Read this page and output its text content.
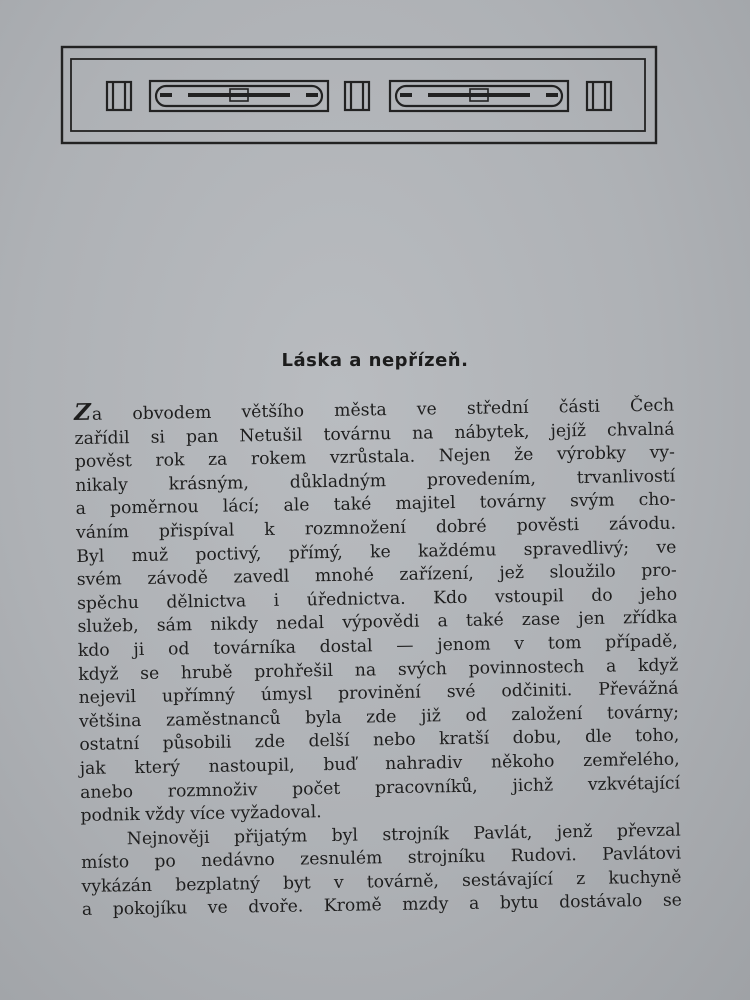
Láska a nepřízeň.
Za obvodem většího města ve střední části Čech
zařídil si pan Netušil továrnu na nábytek, jejíž chvalná
pověst rok za rokem vzrůstala. Nejen že výrobky vy-
nikaly krásným, důkladným provedením, trvanlivostí
a poměrnou lácí; ale také majitel továrny svým cho-
váním přispíval k rozmnožení dobré pověsti závodu.
Byl muž poctivý, přímý, ke každému spravedlivý; ve
svém závodě zavedl mnohé zařízení, jež sloužilo pro-
spěchu dělnictva i úřednictva. Kdo vstoupil do jeho
služeb, sám nikdy nedal výpovědi a také zase jen zřídka
kdo ji od továrníka dostal — jenom v tom případě,
když se hrubě prohřešil na svých povinnostech a když
nejevil upřímný úmysl provinění své odčiniti. Převážná
většina zaměstnanců byla zde již od založení továrny;
ostatní působili zde delší nebo kratší dobu, dle toho,
jak který nastoupil, buď nahradiv někoho zemřelého,
anebo rozmnoživ počet pracovníků, jichž vzkvétající
podnik vždy více vyžadoval.
Nejnověji přijatým byl strojník Pavlát, jenž převzal
místo po nedávno zesnulém strojníku Rudovi. Pavlátovi
vykázán bezplatný byt v továrně, sestávající z kuchyně
a pokojíku ve dvoře. Kromě mzdy a bytu dostávalo se
